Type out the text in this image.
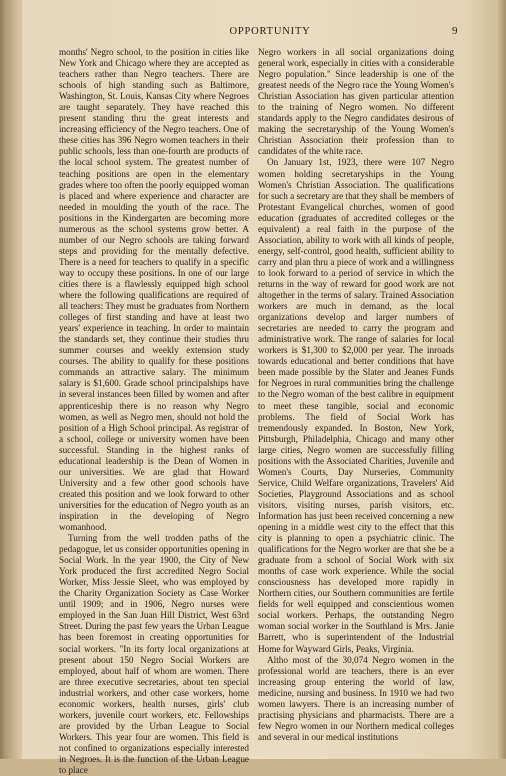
OPPORTUNITY	9

months' Negro school, to the position in cities like New York and Chicago where they are accepted as teachers rather than Negro teachers. There are schools of high standing such as Baltimore, Washington, St. Louis, Kansas City where Negroes are taught separately. They have reached this present standing thru the great interests and increasing efficiency of the Negro teachers. One of these cities has 396 Negro women teachers in their public schools, less than one-fourth are products of the local school system. The greatest number of teaching positions are open in the elementary grades where too often the poorly equipped woman is placed and where experience and character are needed in moulding the youth of the race. The positions in the Kindergarten are becoming more numerous as the school systems grow better. A number of our Negro schools are taking forward steps and providing for the mentally defective. There is a need for teachers to qualify in a specific way to occupy these positions. In one of our large cities there is a flawlessly equipped high school where the following qualifications are required of all teachers: They must be graduates from Northern colleges of first standing and have at least two years' experience in teaching. In order to maintain the standards set, they continue their studies thru summer courses and weekly extension study courses. The ability to qualify for these positions commands an attractive salary. The minimum salary is $1,600. Grade school principalships have in several instances been filled by women and after apprenticeship there is no reason why Negro women, as well as Negro men, should not hold the position of a High School principal. As registrar of a school, college or university women have been successful. Standing in the highest ranks of educational leadership is the Dean of Women in our universities. We are glad that Howard University and a few other good schools have created this position and we look forward to other universities for the education of Negro youth as an inspiration in the developing of Negro womanhood.

Turning from the well trodden paths of the pedagogue, let us consider opportunities opening in Social Work. In the year 1900, the City of New York produced the first accredited Negro Social Worker, Miss Jessie Sleet, who was employed by the Charity Organization Society as Case Worker until 1909; and in 1906, Negro nurses were employed in the San Juan Hill District, West 63rd Street. During the past few years the Urban League has been foremost in creating opportunities for social workers. "In its forty local organizations at present about 150 Negro Social Workers are employed, about half of whom are women. There are three executive secretaries, about ten special industrial workers, and other case workers, home economic workers, health nurses, girls' club workers, juvenile court workers, etc. Fellowships are provided by the Urban League to Social Workers. This year four are women. This field is not confined to organizations especially interested in Negroes. It is the function of the Urban League to place

Negro workers in all social organizations doing general work, especially in cities with a considerable Negro population." Since leadership is one of the greatest needs of the Negro race the Young Women's Christian Association has given particular attention to the training of Negro women. No different standards apply to the Negro candidates desirous of making the secretaryship of the Young Women's Christian Association their profession than to candidates of the white race.

On January 1st, 1923, there were 107 Negro women holding secretaryships in the Young Women's Christian Association. The qualifications for such a secretary are that they shall be members of Protestant Evangelical churches, women of good education (graduates of accredited colleges or the equivalent) a real faith in the purpose of the Association, ability to work with all kinds of people, energy, self-control, good health, sufficient ability to carry and plan thru a piece of work and a willingness to look forward to a period of service in which the returns in the way of reward for good work are not altogether in the terms of salary. Trained Association workers are much in demand, as the local organizations develop and larger numbers of secretaries are needed to carry the program and administrative work. The range of salaries for local workers is $1,300 to $2,000 per year. The inroads towards educational and better conditions that have been made possible by the Slater and Jeanes Funds for Negroes in rural communities bring the challenge to the Negro woman of the best calibre in equipment to meet these tangible, social and economic problems. The field of Social Work has tremendously expanded. In Boston, New York, Pittsburgh, Philadelphia, Chicago and many other large cities, Negro women are successfully filling positions with the Associated Charities, Juvenile and Women's Courts, Day Nurseries, Community Service, Child Welfare organizations, Travelers' Aid Societies, Playground Associations and as school visitors, visiting nurses, parish visitors, etc. Information has just been received concerning a new opening in a middle west city to the effect that this city is planning to open a psychiatric clinic. The qualifications for the Negro worker are that she be a graduate from a school of Social Work with six months of case work experience. While the social consciousness has developed more rapidly in Northern cities, our Southern communities are fertile fields for well equipped and conscientious women social workers. Perhaps, the outstanding Negro woman social worker in the Southland is Mrs. Janie Barrett, who is superintendent of the Industrial Home for Wayward Girls, Peaks, Virginia.

Altho most of the 30,074 Negro women in the professional world are teachers, there is an ever increasing group entering the world of law, medicine, nursing and business. In 1910 we had two women lawyers. There is an increasing number of practising physicians and pharmacists. There are a few Negro women in our Northern medical colleges and several in our medical institutions
